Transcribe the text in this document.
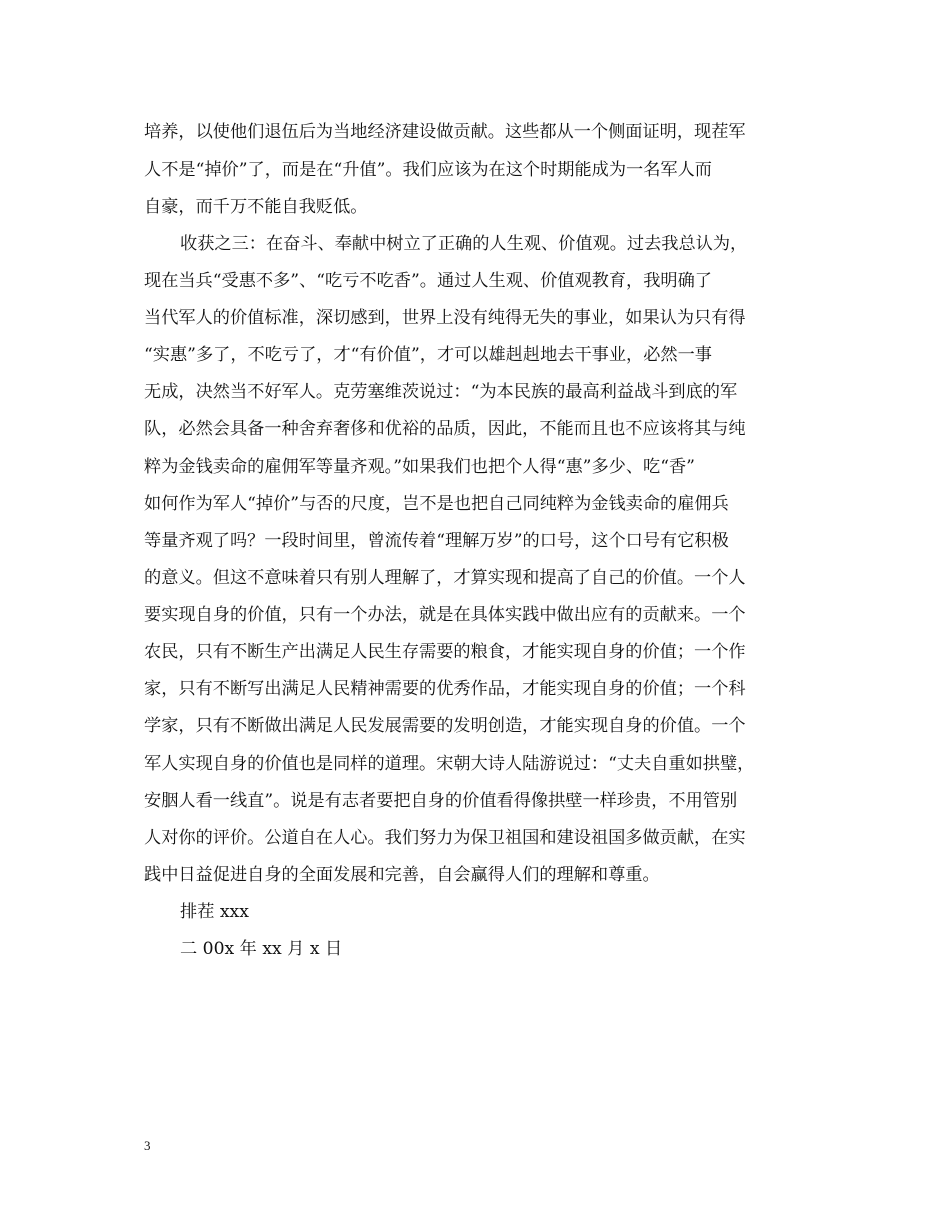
培养，以使他们退伍后为当地经济建设做贡献。这些都从一个侧面证明，现茬军
人不是“掉价”了，而是在“升值”。我们应该为在这个时期能成为一名军人而
自豪，而千万不能自我贬低。
收获之三：在奋斗、奉献中树立了正确的人生观、价值观。过去我总认为，
现在当兵“受惠不多”、“吃亏不吃香”。通过人生观、价值观教育，我明确了
当代军人的价值标准，深切感到，世界上没有纯得无失的事业，如果认为只有得
“实惠”多了，不吃亏了，才“有价值”，才可以雄赳赳地去干事业，必然一事
无成，决然当不好军人。克劳塞维茨说过：“为本民族的最高利益战斗到底的军
队，必然会具备一种舍弃奢侈和优裕的品质，因此，不能而且也不应该将其与纯
粹为金钱卖命的雇佣军等量齐观。”如果我们也把个人得“惠”多少、吃“香”
如何作为军人“掉价”与否的尺度，岂不是也把自己同纯粹为金钱卖命的雇佣兵
等量齐观了吗？一段时间里，曾流传着“理解万岁”的口号，这个口号有它积极
的意义。但这不意味着只有别人理解了，才算实现和提高了自己的价值。一个人
要实现自身的价值，只有一个办法，就是在具体实践中做出应有的贡献来。一个
农民，只有不断生产出满足人民生存需要的粮食，才能实现自身的价值；一个作
家，只有不断写出满足人民精神需要的优秀作品，才能实现自身的价值；一个科
学家，只有不断做出满足人民发展需要的发明创造，才能实现自身的价值。一个
军人实现自身的价值也是同样的道理。宋朝大诗人陆游说过：“丈夫自重如拱璧，
安胭人看一线直”。说是有志者要把自身的价值看得像拱壁一样珍贵，不用管别
人对你的评价。公道自在人心。我们努力为保卫祖国和建设祖国多做贡献，在实
践中日益促进自身的全面发展和完善，自会赢得人们的理解和尊重。
排茬 xxx
二 00x 年 xx 月 x 日
3
